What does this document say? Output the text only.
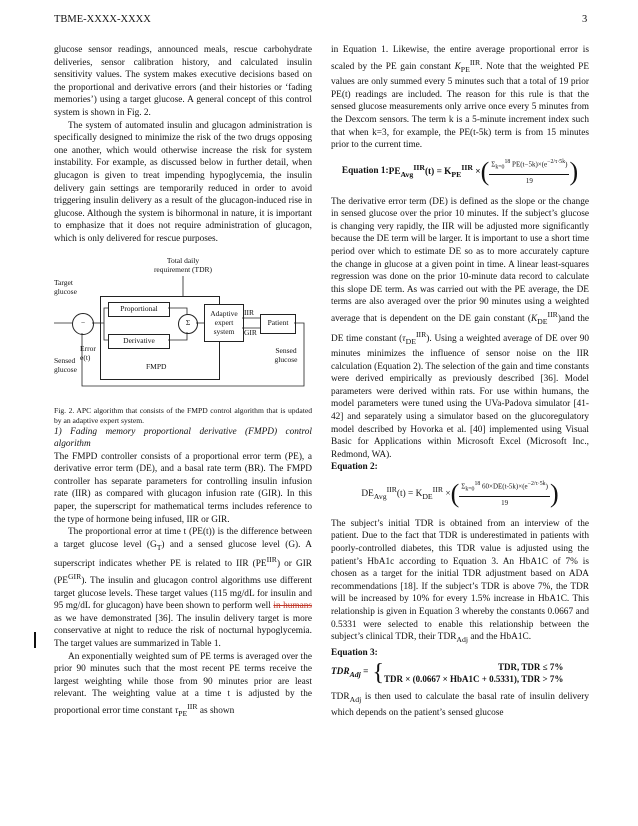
TBME-XXXX-XXXX	3

glucose sensor readings, announced meals, rescue carbohydrate deliveries, sensor calibration history, and calculated insulin sensitivity values. The system makes executive decisions based on the proportional and derivative errors (and their histories or ‘fading memories’) using a target glucose. A general concept of this control system is shown in Fig. 2.

The system of automated insulin and glucagon administration is specifically designed to minimize the risk of the two drugs opposing one another, which would otherwise increase the risk for system instability. For example, as discussed below in further detail, when glucagon is given to treat impending hypoglycemia, the insulin delivery gain settings are temporarily reduced in order to avoid triggering insulin delivery as a result of the glucagon-induced rise in glucose. Although the system is bihormonal in nature, it is important to emphasize that it does not require administration of glucagon, which is only delivered for rescue purposes.

Total daily requirement (TDR)
Target glucose
Proportional
Derivative
−	Σ
Adaptive expert system
IIR
GIR
Patient
Sensed glucose
Error e(t)
FMPD
Sensed glucose

Fig. 2. APC algorithm that consists of the FMPD control algorithm that is updated by an adaptive expert system.

1) Fading memory proportional derivative (FMPD) control algorithm

The FMPD controller consists of a proportional error term (PE), a derivative error term (DE), and a basal rate term (BR). The FMPD controller has separate parameters for controlling insulin infusion rate (IIR) as compared with glucagon infusion rate (GIR). In this paper, the superscript for mathematical terms includes reference to the type of hormone being infused, IIR or GIR.

The proportional error at time t (PE(t)) is the difference between a target glucose level $(G_T)$ and a sensed glucose level (G). A superscript indicates whether PE is related to IIR $(PE^{IIR})$ or GIR $(PE^{GIR})$. The insulin and glucagon control algorithms use different target glucose levels. These target values (115 mg/dL for insulin and 95 mg/dL for glucagon) have been shown to perform well in humans as we have demonstrated [36]. The insulin delivery target is more conservative at night to reduce the risk of nocturnal hypoglycemia. The target values are summarized in Table 1.

An exponentially weighted sum of PE terms is averaged over the prior 90 minutes such that the most recent PE terms receive the largest weighting while those from 90 minutes prior are least relevant. The weighting value at a time t is adjusted by the proportional error time constant $\tau_{PE}^{IIR}$ as shown

in Equation 1. Likewise, the entire average proportional error is scaled by the PE gain constant $K_{PE}^{IIR}$. Note that the weighted PE values are only summed every 5 minutes such that a total of 19 prior PE(t) readings are included. The reason for this rule is that the sensed glucose measurements only arrive once every 5 minutes from the Dexcom sensors. The term k is a 5-minute increment index such that when k=3, for example, the PE(t-5k) term is from 15 minutes prior to the current time.

Equation 1: $PE_{Avg}^{IIR}(t) = K_{PE}^{IIR}$ × ( $\frac{\Sigma_{k=0}^{18} PE(t-5k)\times(e^{-2/\tau\cdot 5k})}{19}$ )

The derivative error term (DE) is defined as the slope or the change in sensed glucose over the prior 10 minutes. If the subject’s glucose is changing very rapidly, the IIR will be adjusted more significantly because the DE term will be larger. It is important to use a short time period over which to estimate DE so as to more accurately capture the change in glucose at a given point in time. A linear least-squares regression was done on the prior 10-minute data record to calculate this slope DE term. As was carried out with the PE average, the DE terms are also averaged over the prior 90 minutes using a weighted average that is dependent on the DE gain constant $(K_{DE}^{IIR})and$ the DE time constant $(\tau_{DE}^{IIR})$. Using a weighted average of DE over 90 minutes minimizes the influence of sensor noise on the IIR calculation (Equation 2). The selection of the gain and time constants were derived empirically as previously described [36]. Model parameters were derived within rats. For use within humans, the model parameters were tuned using the UVa-Padova simulator [41-42] and separately using a simulator based on the glucoregulatory model described by Hovorka et al. [40] implemented using Visual Basic for Applications within Microsoft Excel (Microsoft Inc., Redmond, WA).

Equation 2:

$DE_{Avg}^{IIR}(t) = K_{DE}^{IIR}$ × ( $\frac{\Sigma_{k=0}^{18} 60\times DE(t-5k)\times(e^{-2/\tau\cdot 5k})}{19}$ )

The subject’s initial TDR is obtained from an interview of the patient. Due to the fact that TDR is underestimated in patients with poorly-controlled diabetes, this TDR value is adjusted using the patient’s HbA1c according to Equation 3. An HbA1C of 7% is chosen as a target for the initial TDR adjustment based on ADA recommendations [18]. If the subject’s TDR is above 7%, the TDR will be increased by 10% for every 1.5% increase in HbA1C. This relationship is given in Equation 3 whereby the constants 0.0667 and 0.5331 were selected to enable this relationship between the subject’s clinical TDR, their $TDR_{Adj}$ and the HbA1C.

Equation 3:

$TDR_{Adj}$ = {	TDR, TDR ≤ 7%
TDR × (0.0667 × HbA1C + 0.5331), TDR > 7%

$TDR_{Adj}$ is then used to calculate the basal rate of insulin delivery which depends on the patient’s sensed glucose
